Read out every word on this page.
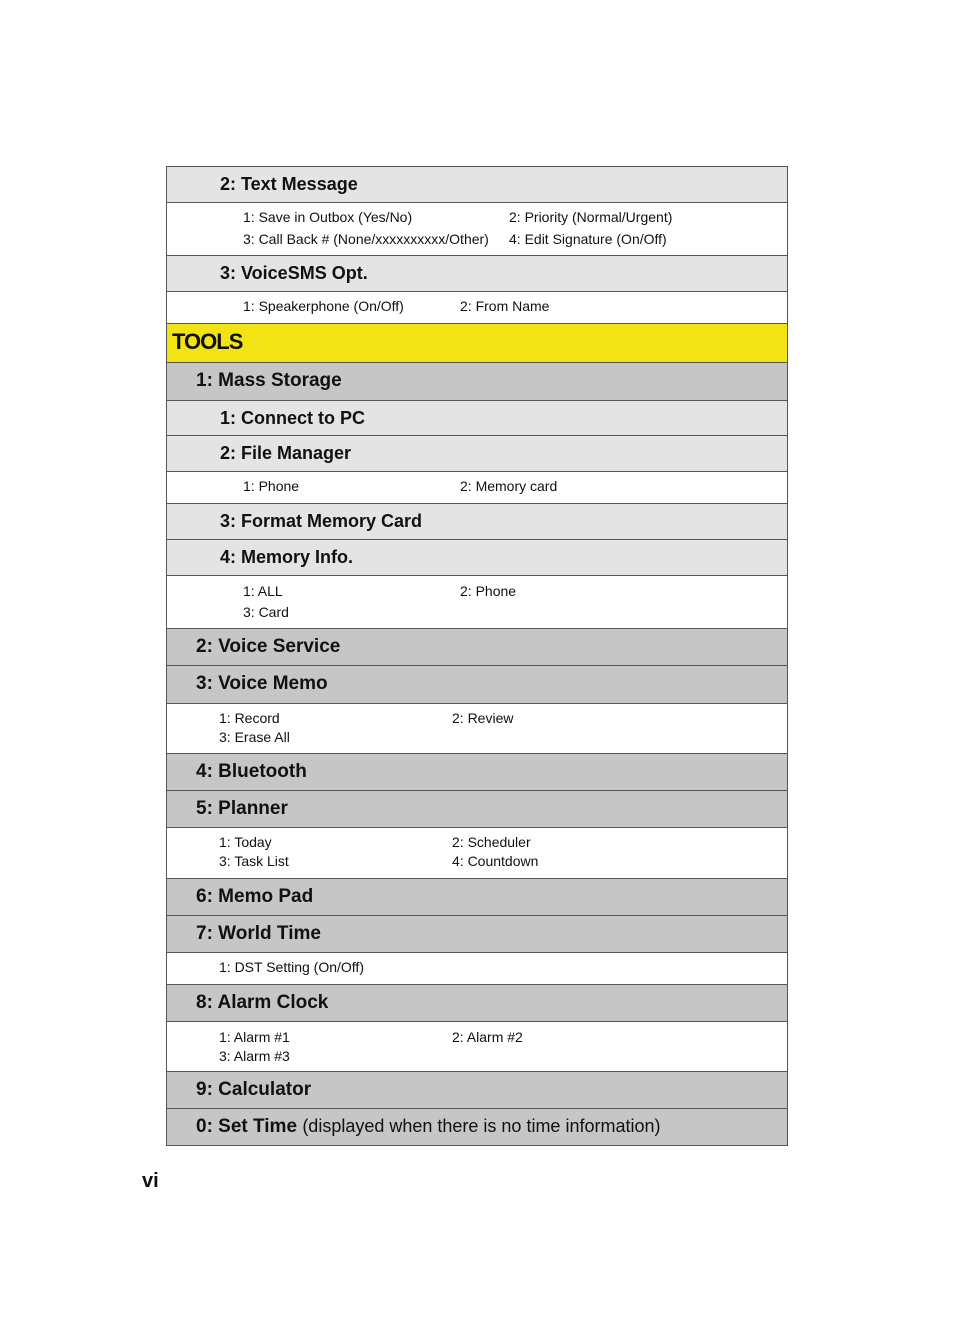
2: Text Message
1: Save in Outbox (Yes/No)	2: Priority (Normal/Urgent)
3: Call Back # (None/xxxxxxxxxx/Other) 4: Edit Signature (On/Off)
3: VoiceSMS Opt.
1: Speakerphone (On/Off)	2: From Name
TOOLS
1: Mass Storage
1: Connect to PC
2: File Manager
1: Phone	2: Memory card
3: Format Memory Card
4: Memory Info.
1: ALL	2: Phone
3: Card
2: Voice Service
3: Voice Memo
1: Record	2: Review
3: Erase All
4: Bluetooth
5: Planner
1: Today	2: Scheduler
3: Task List	4: Countdown
6: Memo Pad
7: World Time
1: DST Setting (On/Off)
8: Alarm Clock
1: Alarm #1	2: Alarm #2
3: Alarm #3
9: Calculator
0: Set Time (displayed when there is no time information)
vi
